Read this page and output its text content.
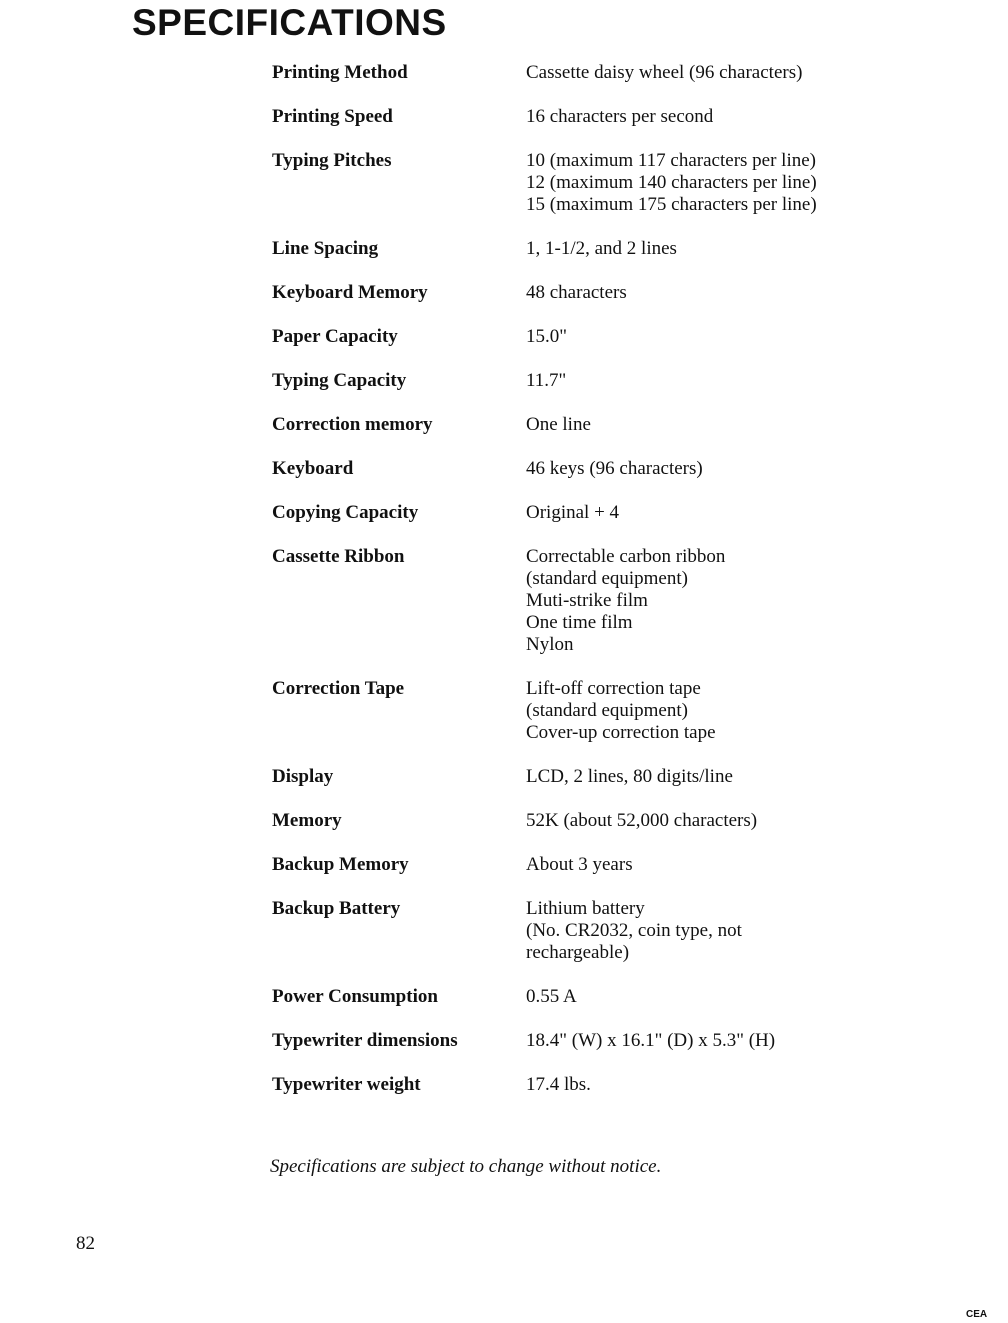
SPECIFICATIONS
Printing Method	Cassette daisy wheel (96 characters)
Printing Speed	16 characters per second
Typing Pitches	10 (maximum 117 characters per line)
12 (maximum 140 characters per line)
15 (maximum 175 characters per line)
Line Spacing	1, 1-1/2, and 2 lines
Keyboard Memory	48 characters
Paper Capacity	15.0"
Typing Capacity	11.7"
Correction memory	One line
Keyboard	46 keys (96 characters)
Copying Capacity	Original + 4
Cassette Ribbon	Correctable carbon ribbon
(standard equipment)
Muti-strike film
One time film
Nylon
Correction Tape	Lift-off correction tape
(standard equipment)
Cover-up correction tape
Display	LCD, 2 lines, 80 digits/line
Memory	52K (about 52,000 characters)
Backup Memory	About 3 years
Backup Battery	Lithium battery
(No. CR2032, coin type, not
rechargeable)
Power Consumption	0.55 A
Typewriter dimensions	18.4" (W) x 16.1" (D) x 5.3" (H)
Typewriter weight	17.4 lbs.
Specifications are subject to change without notice.
82
CEA
